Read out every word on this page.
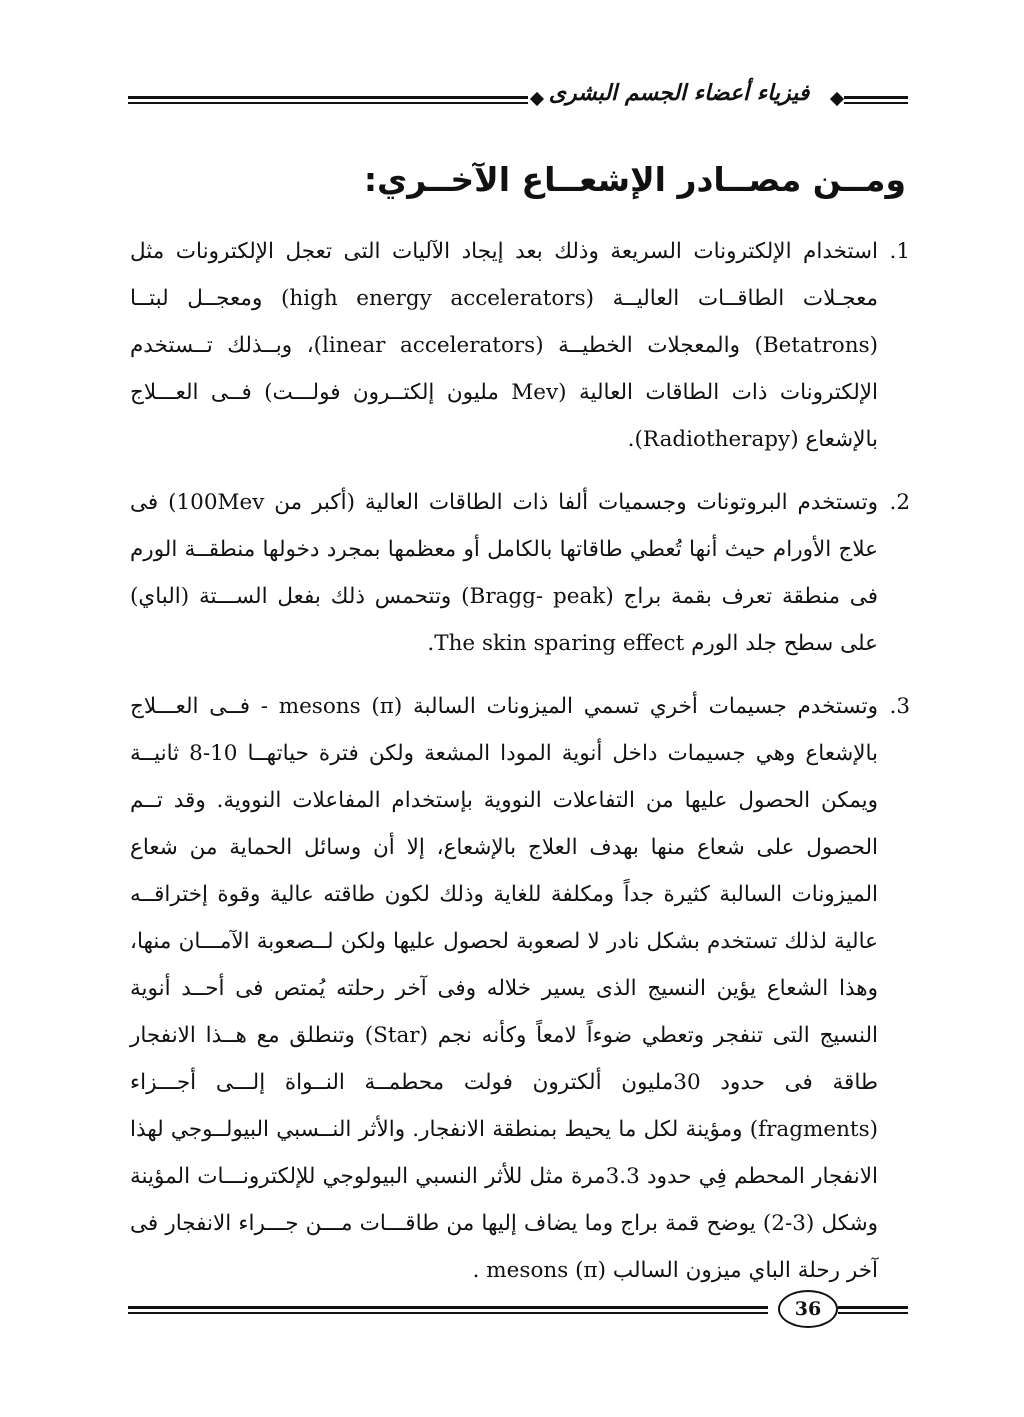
فيزياء أعضاء الجسم البشرى
ومــن مصــادر الإشعــاع الآخــري:
1.
استخدام الإلكترونات السريعة وذلك بعد إيجاد الآليات التى تعجل الإلكترونات مثل معجـلات الطاقــات العاليــة (high energy accelerators) ومعجــل لبتــا (Betatrons) والمعجلات الخطيــة (linear accelerators)، وبــذلك تــستخدم الإلكترونات ذات الطاقات العالية (Mev مليون إلكتــرون فولـــت) فــى العـــلاج بالإشعاع (Radiotherapy).
2.
وتستخدم البروتونات وجسميات ألفا ذات الطاقات العالية (أكبر من 100Mev) فى علاج الأورام حيث أنها تُعطي طاقاتها بالكامل أو معظمها بمجرد دخولها منطقــة الورم فى منطقة تعرف بقمة براج (Bragg- peak) وتتحمس ذلك بفعل الســـتة (الباي) على سطح جلد الورم The skin sparing effect.
3.
وتستخدم جسيمات أخري تسمي الميزونات السالبة (π) mesons - فــى العـــلاج بالإشعاع وهي جسيمات داخل أنوية المودا المشعة ولكن فترة حياتهــا 10-8 ثانيــة ويمكن الحصول عليها من التفاعلات النووية بإستخدام المفاعلات النووية. وقد تــم الحصول على شعاع منها بهدف العلاج بالإشعاع، إلا أن وسائل الحماية من شعاع الميزونات السالبة كثيرة جداً ومكلفة للغاية وذلك لكون طاقته عالية وقوة إختراقــه عالية لذلك تستخدم بشكل نادر لا لصعوبة لحصول عليها ولكن لــصعوبة الآمـــان منها، وهذا الشعاع يؤين النسيج الذى يسير خلاله وفى آخر رحلته يُمتص فى أحــد أنوية النسيج التى تنفجر وتعطي ضوءاً لامعاً وكأنه نجم (Star) وتنطلق مع هــذا الانفجار طاقة فى حدود 30مليون ألكترون فولت محطمــة النــواة إلـــى أجـــزاء (fragments) ومؤينة لكل ما يحيط بمنطقة الانفجار. والأثر النــسبي البيولــوجي لهذا الانفجار المحطم فِي حدود 3.3مرة مثل للأثر النسبي البيولوجي للإلكترونـــات المؤينة وشكل (3-2) يوضح قمة براج وما يضاف إليها من طاقـــات مـــن جـــراء الانفجار فى آخر رحلة الباي ميزون السالب (π) mesons .
36
